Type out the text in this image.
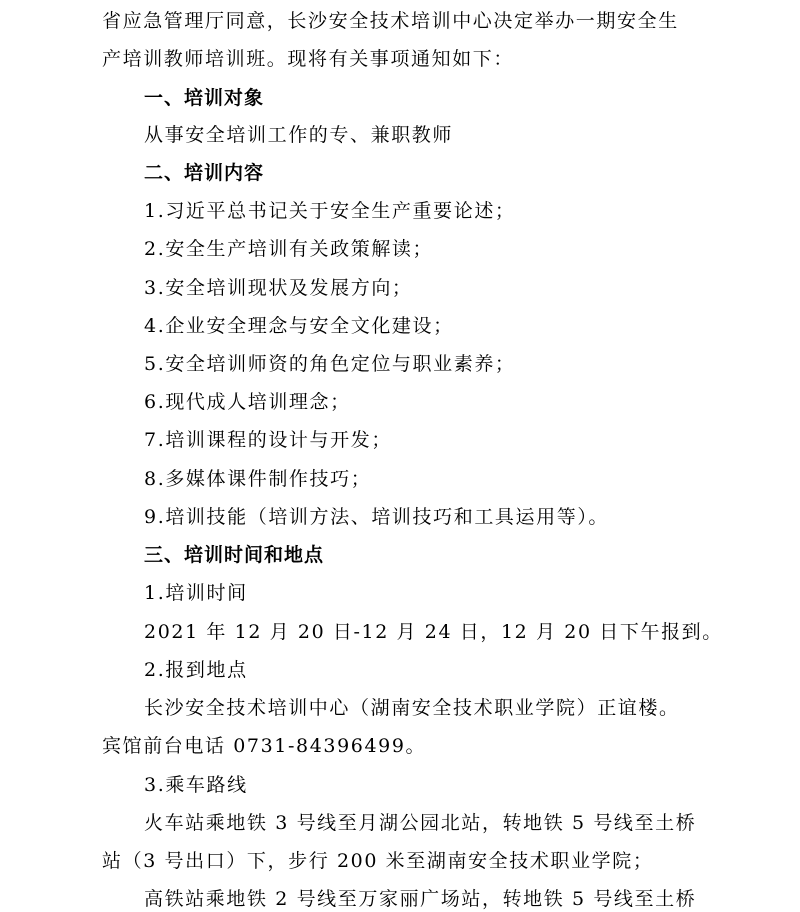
省应急管理厅同意，长沙安全技术培训中心决定举办一期安全生
产培训教师培训班。现将有关事项通知如下：
一、培训对象
从事安全培训工作的专、兼职教师
二、培训内容
1.习近平总书记关于安全生产重要论述；
2.安全生产培训有关政策解读；
3.安全培训现状及发展方向；
4.企业安全理念与安全文化建设；
5.安全培训师资的角色定位与职业素养；
6.现代成人培训理念；
7.培训课程的设计与开发；
8.多媒体课件制作技巧；
9.培训技能（培训方法、培训技巧和工具运用等）。
三、培训时间和地点
1.培训时间
2021 年 12 月 20 日-12 月 24 日，12 月 20 日下午报到。
2.报到地点
长沙安全技术培训中心（湖南安全技术职业学院）正谊楼。
宾馆前台电话 0731-84396499。
3.乘车路线
火车站乘地铁 3 号线至月湖公园北站，转地铁 5 号线至土桥
站（3 号出口）下，步行 200 米至湖南安全技术职业学院；
高铁站乘地铁 2 号线至万家丽广场站，转地铁 5 号线至土桥
